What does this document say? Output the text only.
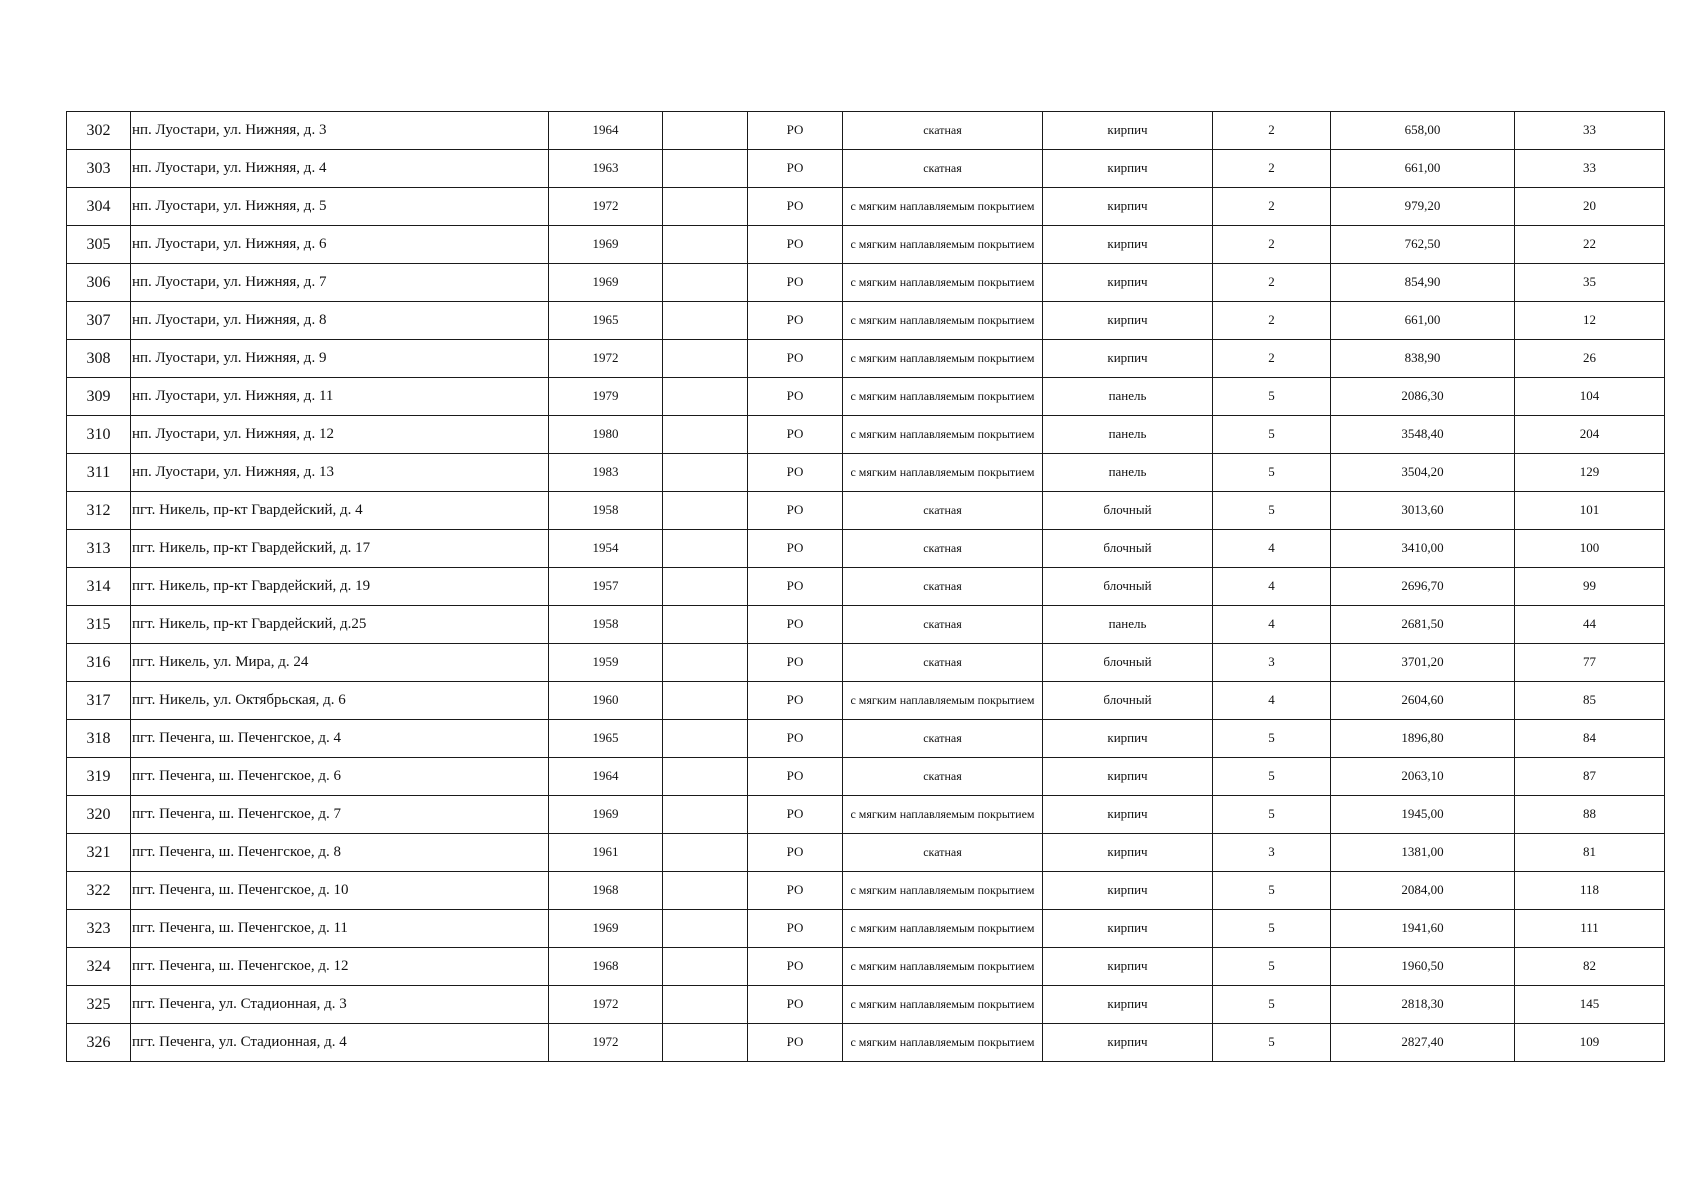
302	нп. Луостари, ул. Нижняя, д. 3	1964		РО	скатная	кирпич	2	658,00	33
303	нп. Луостари, ул. Нижняя, д. 4	1963		РО	скатная	кирпич	2	661,00	33
304	нп. Луостари, ул. Нижняя, д. 5	1972		РО	с мягким наплавляемым покрытием	кирпич	2	979,20	20
305	нп. Луостари, ул. Нижняя, д. 6	1969		РО	с мягким наплавляемым покрытием	кирпич	2	762,50	22
306	нп. Луостари, ул. Нижняя, д. 7	1969		РО	с мягким наплавляемым покрытием	кирпич	2	854,90	35
307	нп. Луостари, ул. Нижняя, д. 8	1965		РО	с мягким наплавляемым покрытием	кирпич	2	661,00	12
308	нп. Луостари, ул. Нижняя, д. 9	1972		РО	с мягким наплавляемым покрытием	кирпич	2	838,90	26
309	нп. Луостари, ул. Нижняя, д. 11	1979		РО	с мягким наплавляемым покрытием	панель	5	2086,30	104
310	нп. Луостари, ул. Нижняя, д. 12	1980		РО	с мягким наплавляемым покрытием	панель	5	3548,40	204
311	нп. Луостари, ул. Нижняя, д. 13	1983		РО	с мягким наплавляемым покрытием	панель	5	3504,20	129
312	пгт. Никель, пр-кт Гвардейский, д. 4	1958		РО	скатная	блочный	5	3013,60	101
313	пгт. Никель, пр-кт Гвардейский, д. 17	1954		РО	скатная	блочный	4	3410,00	100
314	пгт. Никель, пр-кт Гвардейский, д. 19	1957		РО	скатная	блочный	4	2696,70	99
315	пгт. Никель, пр-кт Гвардейский, д.25	1958		РО	скатная	панель	4	2681,50	44
316	пгт. Никель, ул. Мира, д. 24	1959		РО	скатная	блочный	3	3701,20	77
317	пгт. Никель, ул. Октябрьская, д. 6	1960		РО	с мягким наплавляемым покрытием	блочный	4	2604,60	85
318	пгт. Печенга, ш. Печенгское, д. 4	1965		РО	скатная	кирпич	5	1896,80	84
319	пгт. Печенга, ш. Печенгское, д. 6	1964		РО	скатная	кирпич	5	2063,10	87
320	пгт. Печенга, ш. Печенгское, д. 7	1969		РО	с мягким наплавляемым покрытием	кирпич	5	1945,00	88
321	пгт. Печенга, ш. Печенгское, д. 8	1961		РО	скатная	кирпич	3	1381,00	81
322	пгт. Печенга, ш. Печенгское, д. 10	1968		РО	с мягким наплавляемым покрытием	кирпич	5	2084,00	118
323	пгт. Печенга, ш. Печенгское, д. 11	1969		РО	с мягким наплавляемым покрытием	кирпич	5	1941,60	111
324	пгт. Печенга, ш. Печенгское, д. 12	1968		РО	с мягким наплавляемым покрытием	кирпич	5	1960,50	82
325	пгт. Печенга, ул. Стадионная, д. 3	1972		РО	с мягким наплавляемым покрытием	кирпич	5	2818,30	145
326	пгт. Печенга, ул. Стадионная, д. 4	1972		РО	с мягким наплавляемым покрытием	кирпич	5	2827,40	109
